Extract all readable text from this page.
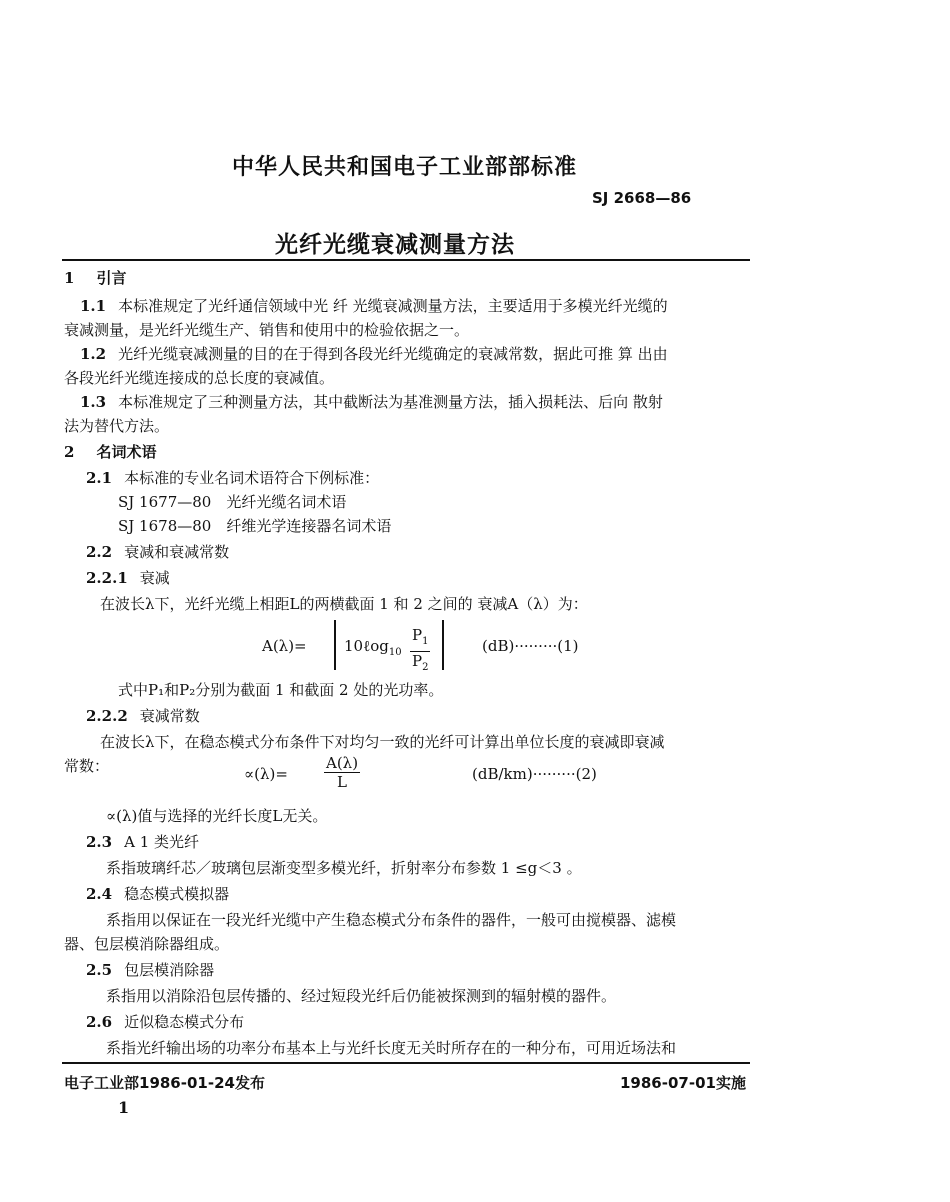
中华人民共和国电子工业部部标准
SJ 2668—86
光纤光缆衰减测量方法
1 引言
1.1 本标准规定了光纤通信领域中光 纤 光缆衰减测量方法，主要适用于多模光纤光缆的
衰减测量，是光纤光缆生产、销售和使用中的检验依据之一。
1.2 光纤光缆衰减测量的目的在于得到各段光纤光缆确定的衰减常数，据此可推 算 出由
各段光纤光缆连接成的总长度的衰减值。
1.3 本标准规定了三种测量方法，其中截断法为基准测量方法，插入损耗法、后向 散射
法为替代方法。
2 名词术语
2.1 本标准的专业名词术语符合下例标准：
SJ 1677—80　光纤光缆名词术语
SJ 1678—80　纤维光学连接器名词术语
2.2 衰减和衰减常数
2.2.1 衰减
在波长λ下，光纤光缆上相距L的两横截面 1 和 2 之间的 衰减A（λ）为：
A(λ)= 10ℓog$_{10}$ $\frac{P_1}{P_2}$	(dB)·········(1)
式中P₁和P₂分别为截面 1 和截面 2 处的光功率。
2.2.2 衰减常数
在波长λ下，在稳态模式分布条件下对均匀一致的光纤可计算出单位长度的衰减即衰减
常数：	$\propto(\lambda)= \frac{A(\lambda)}{L}$	(dB/km)·········(2)
∝(λ)值与选择的光纤长度L无关。
2.3 A 1 类光纤
系指玻璃纤芯／玻璃包层渐变型多模光纤，折射率分布参数 1 ≤g＜3 。
2.4 稳态模式模拟器
系指用以保证在一段光纤光缆中产生稳态模式分布条件的器件，一般可由搅模器、滤模
器、包层模消除器组成。
2.5 包层模消除器
系指用以消除沿包层传播的、经过短段光纤后仍能被探测到的辐射模的器件。
2.6 近似稳态模式分布
系指光纤输出场的功率分布基本上与光纤长度无关时所存在的一种分布，可用近场法和
电子工业部1986-01-24发布	1986-07-01实施
1
